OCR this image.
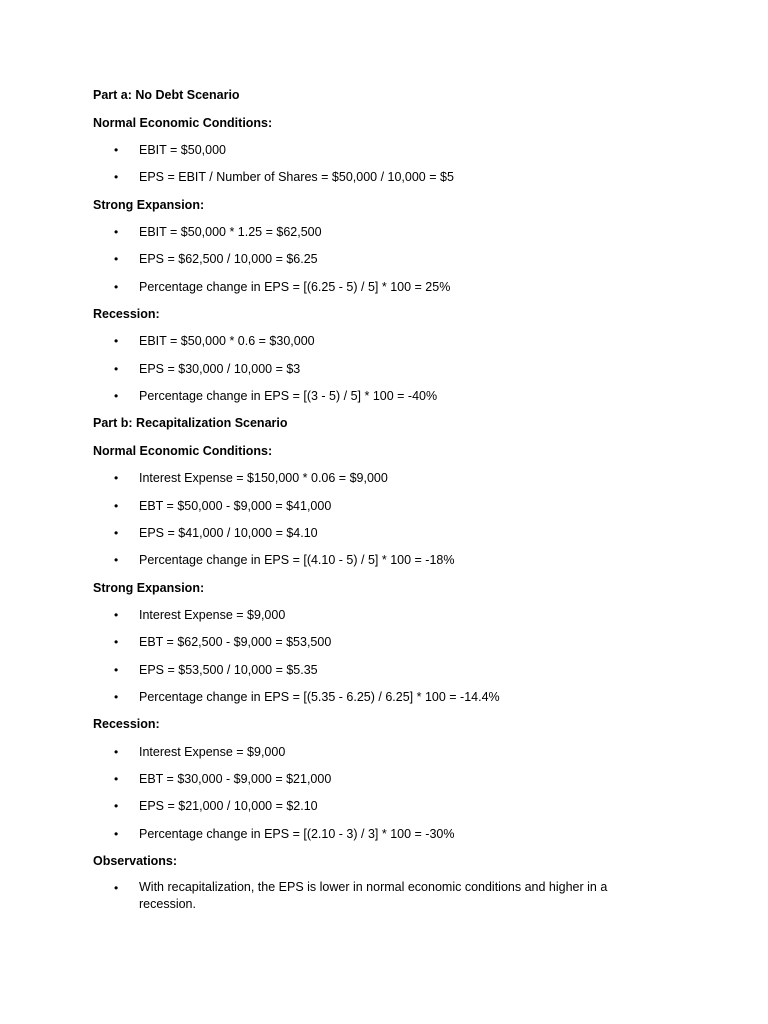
Part a: No Debt Scenario
Normal Economic Conditions:
• EBIT = $50,000
• EPS = EBIT / Number of Shares = $50,000 / 10,000 = $5
Strong Expansion:
• EBIT = $50,000 * 1.25 = $62,500
• EPS = $62,500 / 10,000 = $6.25
• Percentage change in EPS = [(6.25 - 5) / 5] * 100 = 25%
Recession:
• EBIT = $50,000 * 0.6 = $30,000
• EPS = $30,000 / 10,000 = $3
• Percentage change in EPS = [(3 - 5) / 5] * 100 = -40%
Part b: Recapitalization Scenario
Normal Economic Conditions:
• Interest Expense = $150,000 * 0.06 = $9,000
• EBT = $50,000 - $9,000 = $41,000
• EPS = $41,000 / 10,000 = $4.10
• Percentage change in EPS = [(4.10 - 5) / 5] * 100 = -18%
Strong Expansion:
• Interest Expense = $9,000
• EBT = $62,500 - $9,000 = $53,500
• EPS = $53,500 / 10,000 = $5.35
• Percentage change in EPS = [(5.35 - 6.25) / 6.25] * 100 = -14.4%
Recession:
• Interest Expense = $9,000
• EBT = $30,000 - $9,000 = $21,000
• EPS = $21,000 / 10,000 = $2.10
• Percentage change in EPS = [(2.10 - 3) / 3] * 100 = -30%
Observations:
• With recapitalization, the EPS is lower in normal economic conditions and higher in a recession.
